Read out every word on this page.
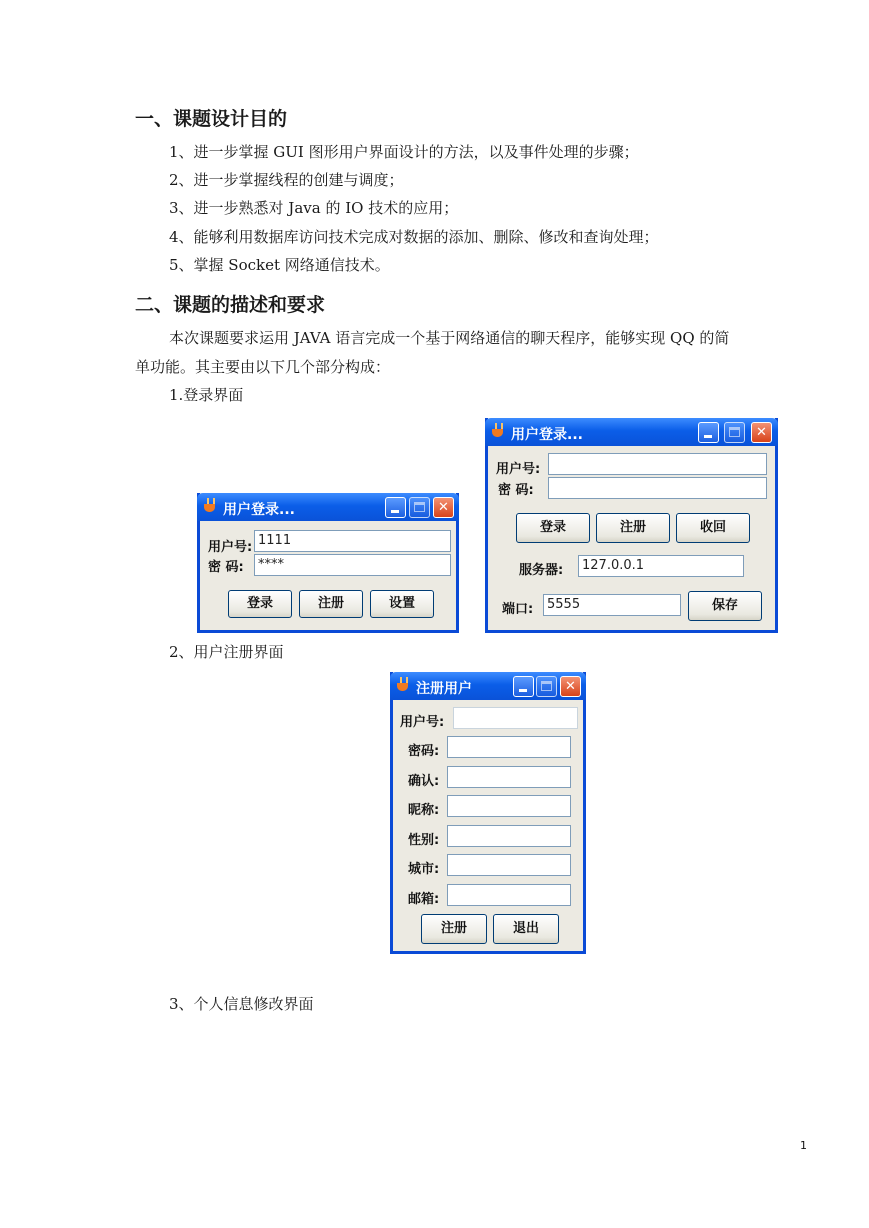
一、课题设计目的
1、进一步掌握 GUI 图形用户界面设计的方法，以及事件处理的步骤；
2、进一步掌握线程的创建与调度；
3、进一步熟悉对 Java 的 IO 技术的应用；
4、能够利用数据库访问技术完成对数据的添加、删除、修改和查询处理；
5、掌握 Socket 网络通信技术。
二、课题的描述和要求
本次课题要求运用 JAVA 语言完成一个基于网络通信的聊天程序，能够实现 QQ 的简
单功能。其主要由以下几个部分构成：
1.登录界面
用户登录...	✕
用户号: 1111
密 码:	****
登录	注册	设置
用户登录...	✕
用户号:
密 码:
登录	注册	收回
服务器:	127.0.0.1
端口:	5555	保存
2、用户注册界面
注册用户	✕
用户号:
密码:
确认:
昵称:
性别:
城市:
邮箱:
注册	退出
3、个人信息修改界面
1
